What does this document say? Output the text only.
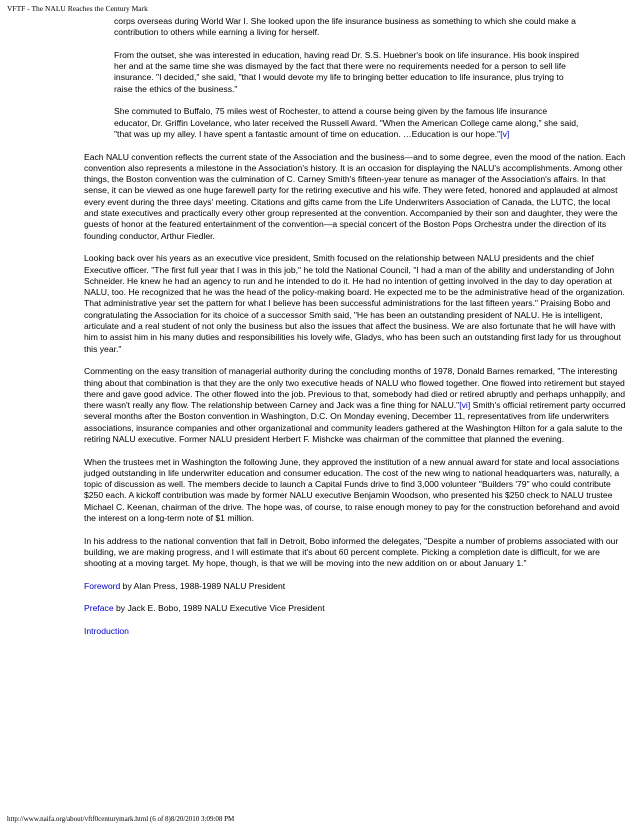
VFTF - The NALU Reaches the Century Mark

corps overseas during World War I. She looked upon the life insurance business as something to which she could make a contribution to others while earning a living for herself.

From the outset, she was interested in education, having read Dr. S.S. Huebner's book on life insurance. His book inspired her and at the same time she was dismayed by the fact that there were no requirements needed for a person to sell life insurance. "I decided," she said, "that I would devote my life to bringing better education to life insurance, plus trying to raise the ethics of the business."

She commuted to Buffalo, 75 miles west of Rochester, to attend a course being given by the famous life insurance educator, Dr. Griffin Lovelance, who later received the Russell Award. "When the American College came along," she said, "that was up my alley. I have spent a fantastic amount of time on education. …Education is our hope."[v]

Each NALU convention reflects the current state of the Association and the business—and to some degree, even the mood of the nation. Each convention also represents a milestone in the Association's history. It is an occasion for displaying the NALU's accomplishments. Among other things, the Boston convention was the culmination of C. Carney Smith's fifteen-year tenure as manager of the Association's affairs. In that sense, it can be viewed as one huge farewell party for the retiring executive and his wife. They were feted, honored and applauded at almost every event during the three days' meeting. Citations and gifts came from the Life Underwriters Association of Canada, the LUTC, the local and state executives and practically every other group represented at the convention. Accompanied by their son and daughter, they were the guests of honor at the featured entertainment of the convention—a special concert of the Boston Pops Orchestra under the direction of its founding conductor, Arthur Fiedler.

Looking back over his years as an executive vice president, Smith focused on the relationship between NALU presidents and the chief Executive officer. "The first full year that I was in this job," he told the National Council, "I had a man of the ability and understanding of John Schneider. He knew he had an agency to run and he intended to do it. He had no intention of getting involved in the day to day operation at NALU, too. He recognized that he was the head of the policy-making board. He expected me to be the administrative head of the organization. That administrative year set the pattern for what I believe has been successful administrations for the last fifteen years." Praising Bobo and congratulating the Association for its choice of a successor Smith said, "He has been an outstanding president of NALU. He is intelligent, articulate and a real student of not only the business but also the issues that affect the business. We are also fortunate that he will have with him to assist him in his many duties and responsibilities his lovely wife, Gladys, who has been such an outstanding first lady for us throughout this year."

Commenting on the easy transition of managerial authority during the concluding months of 1978, Donald Barnes remarked, "The interesting thing about that combination is that they are the only two executive heads of NALU who flowed together. One flowed into retirement but stayed there and gave good advice. The other flowed into the job. Previous to that, somebody had died or retired abruptly and perhaps unhappily, and there wasn't really any flow. The relationship between Carney and Jack was a fine thing for NALU."[vi] Smith's official retirement party occurred several months after the Boston convention in Washington, D.C. On Monday evening, December 11, representatives from life underwriters associations, insurance companies and other organizational and community leaders gathered at the Washington Hilton for a gala salute to the retiring NALU executive. Former NALU president Herbert F. Mishcke was chairman of the committee that planned the evening.

When the trustees met in Washington the following June, they approved the institution of a new annual award for state and local associations judged outstanding in life underwriter education and consumer education. The cost of the new wing to national headquarters was, naturally, a topic of discussion as well. The members decide to launch a Capital Funds drive to find 3,000 volunteer "Builders '79" who could contribute $250 each. A kickoff contribution was made by former NALU executive Benjamin Woodson, who presented his $250 check to NALU trustee Michael C. Keenan, chairman of the drive. The hope was, of course, to raise enough money to pay for the construction beforehand and avoid the interest on a long-term note of $1 million.

In his address to the national convention that fall in Detroit, Bobo informed the delegates, "Despite a number of problems associated with our building, we are making progress, and I will estimate that it's about 60 percent complete. Picking a completion date is difficult, for we are shooting at a moving target. My hope, though, is that we will be moving into the new addition on or about January 1."

Foreword by Alan Press, 1988-1989 NALU President

Preface by Jack E. Bobo, 1989 NALU Executive Vice President

Introduction

http://www.naifa.org/about/vftf0centurymark.html (6 of 8)8/20/2010 3:09:08 PM
